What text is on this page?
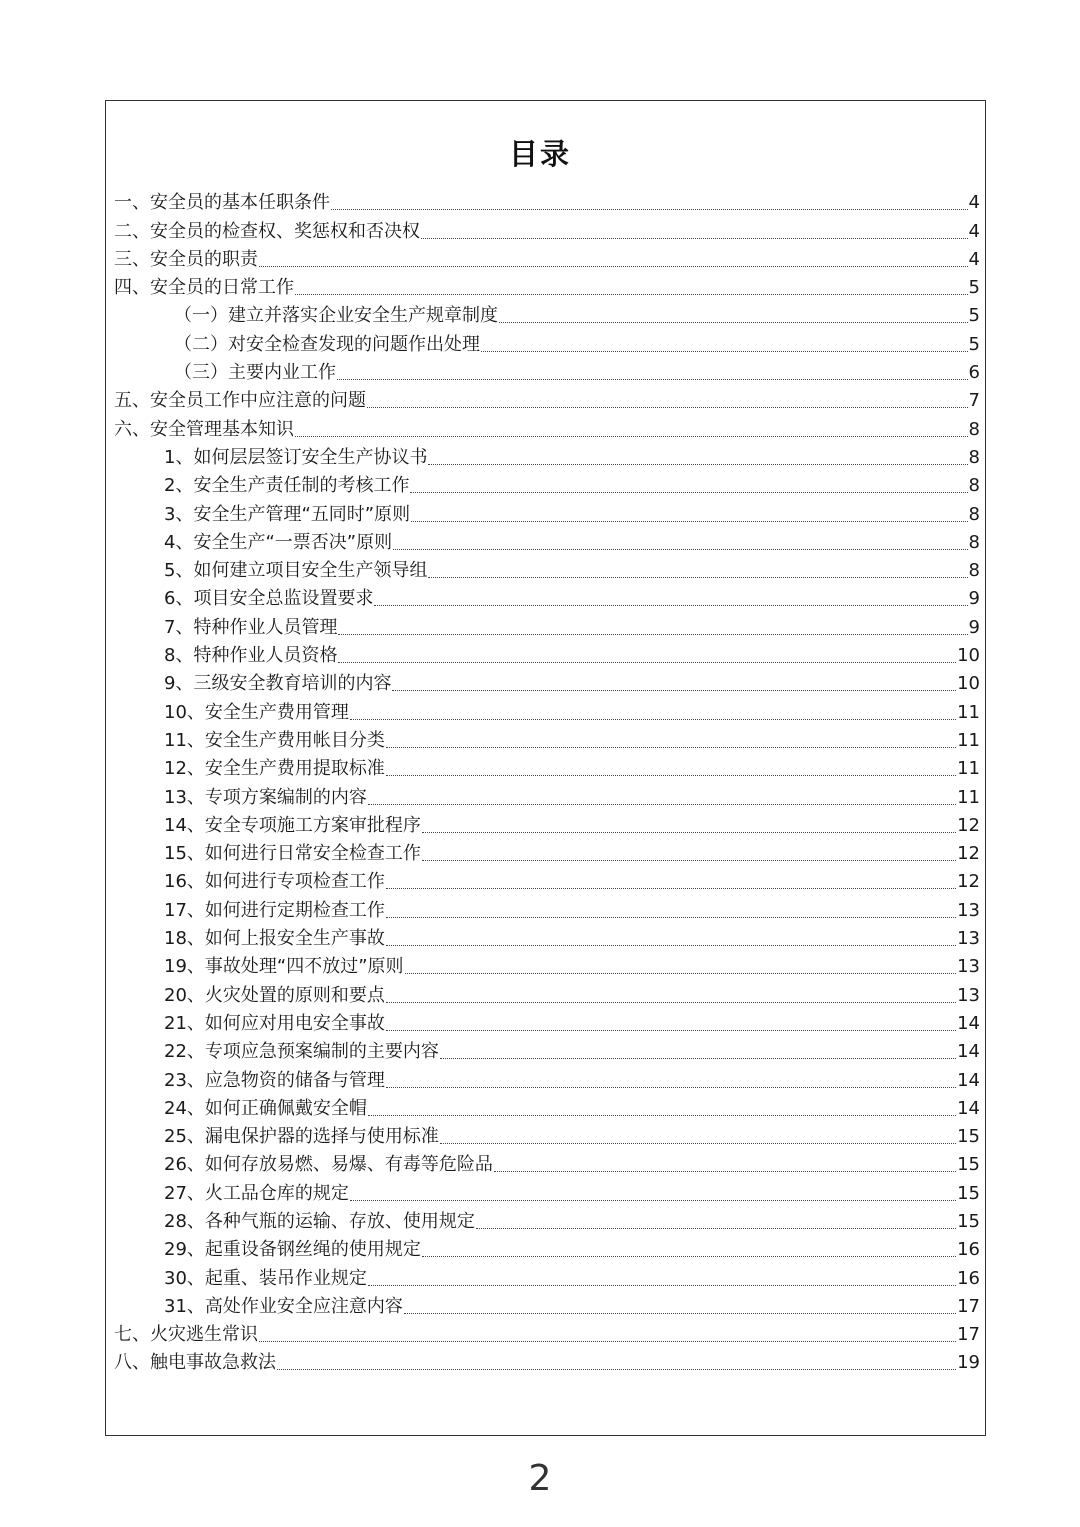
目录
一、安全员的基本任职条件	4
二、安全员的检查权、奖惩权和否决权	4
三、安全员的职责	4
四、安全员的日常工作	5
（一）建立并落实企业安全生产规章制度	5
（二）对安全检查发现的问题作出处理	5
（三）主要内业工作	6
五、安全员工作中应注意的问题	7
六、安全管理基本知识	8
1、如何层层签订安全生产协议书	8
2、安全生产责任制的考核工作	8
3、安全生产管理“五同时”原则	8
4、安全生产“一票否决”原则	8
5、如何建立项目安全生产领导组	8
6、项目安全总监设置要求	9
7、特种作业人员管理	9
8、特种作业人员资格	10
9、三级安全教育培训的内容	10
10、安全生产费用管理	11
11、安全生产费用帐目分类	11
12、安全生产费用提取标准	11
13、专项方案编制的内容	11
14、安全专项施工方案审批程序	12
15、如何进行日常安全检查工作	12
16、如何进行专项检查工作	12
17、如何进行定期检查工作	13
18、如何上报安全生产事故	13
19、事故处理“四不放过”原则	13
20、火灾处置的原则和要点	13
21、如何应对用电安全事故	14
22、专项应急预案编制的主要内容	14
23、应急物资的储备与管理	14
24、如何正确佩戴安全帽	14
25、漏电保护器的选择与使用标准	15
26、如何存放易燃、易爆、有毒等危险品	15
27、火工品仓库的规定	15
28、各种气瓶的运输、存放、使用规定	15
29、起重设备钢丝绳的使用规定	16
30、起重、装吊作业规定	16
31、高处作业安全应注意内容	17
七、火灾逃生常识	17
八、触电事故急救法	19
2
